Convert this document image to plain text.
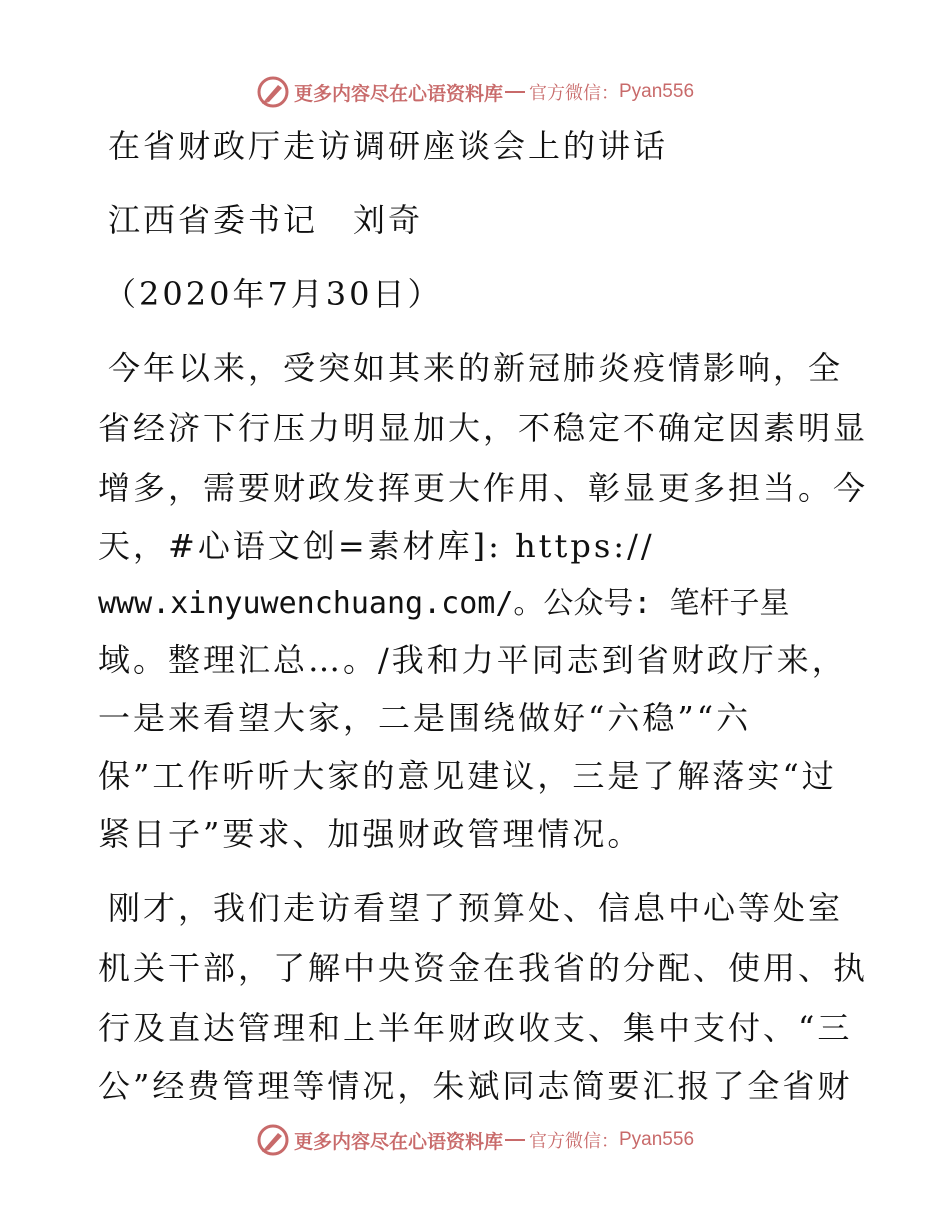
更多内容尽在心语资料库 官方微信： Pyan556
在省财政厅走访调研座谈会上的讲话
江西省委书记　刘奇
（2020年7月30日）
今年以来，受突如其来的新冠肺炎疫情影响，全
省经济下行压力明显加大，不稳定不确定因素明显
增多，需要财政发挥更大作用、彰显更多担当。今
天，#心语文创=素材库]: https://
www.xinyuwenchuang.com/。公众号: 笔杆子星
域。整理汇总…。/我和力平同志到省财政厅来，
一是来看望大家，二是围绕做好“六稳”“六
保”工作听听大家的意见建议，三是了解落实“过
紧日子”要求、加强财政管理情况。
刚才，我们走访看望了预算处、信息中心等处室
机关干部，了解中央资金在我省的分配、使用、执
行及直达管理和上半年财政收支、集中支付、“三
公”经费管理等情况，朱斌同志简要汇报了全省财
更多内容尽在心语资料库 官方微信： Pyan556
